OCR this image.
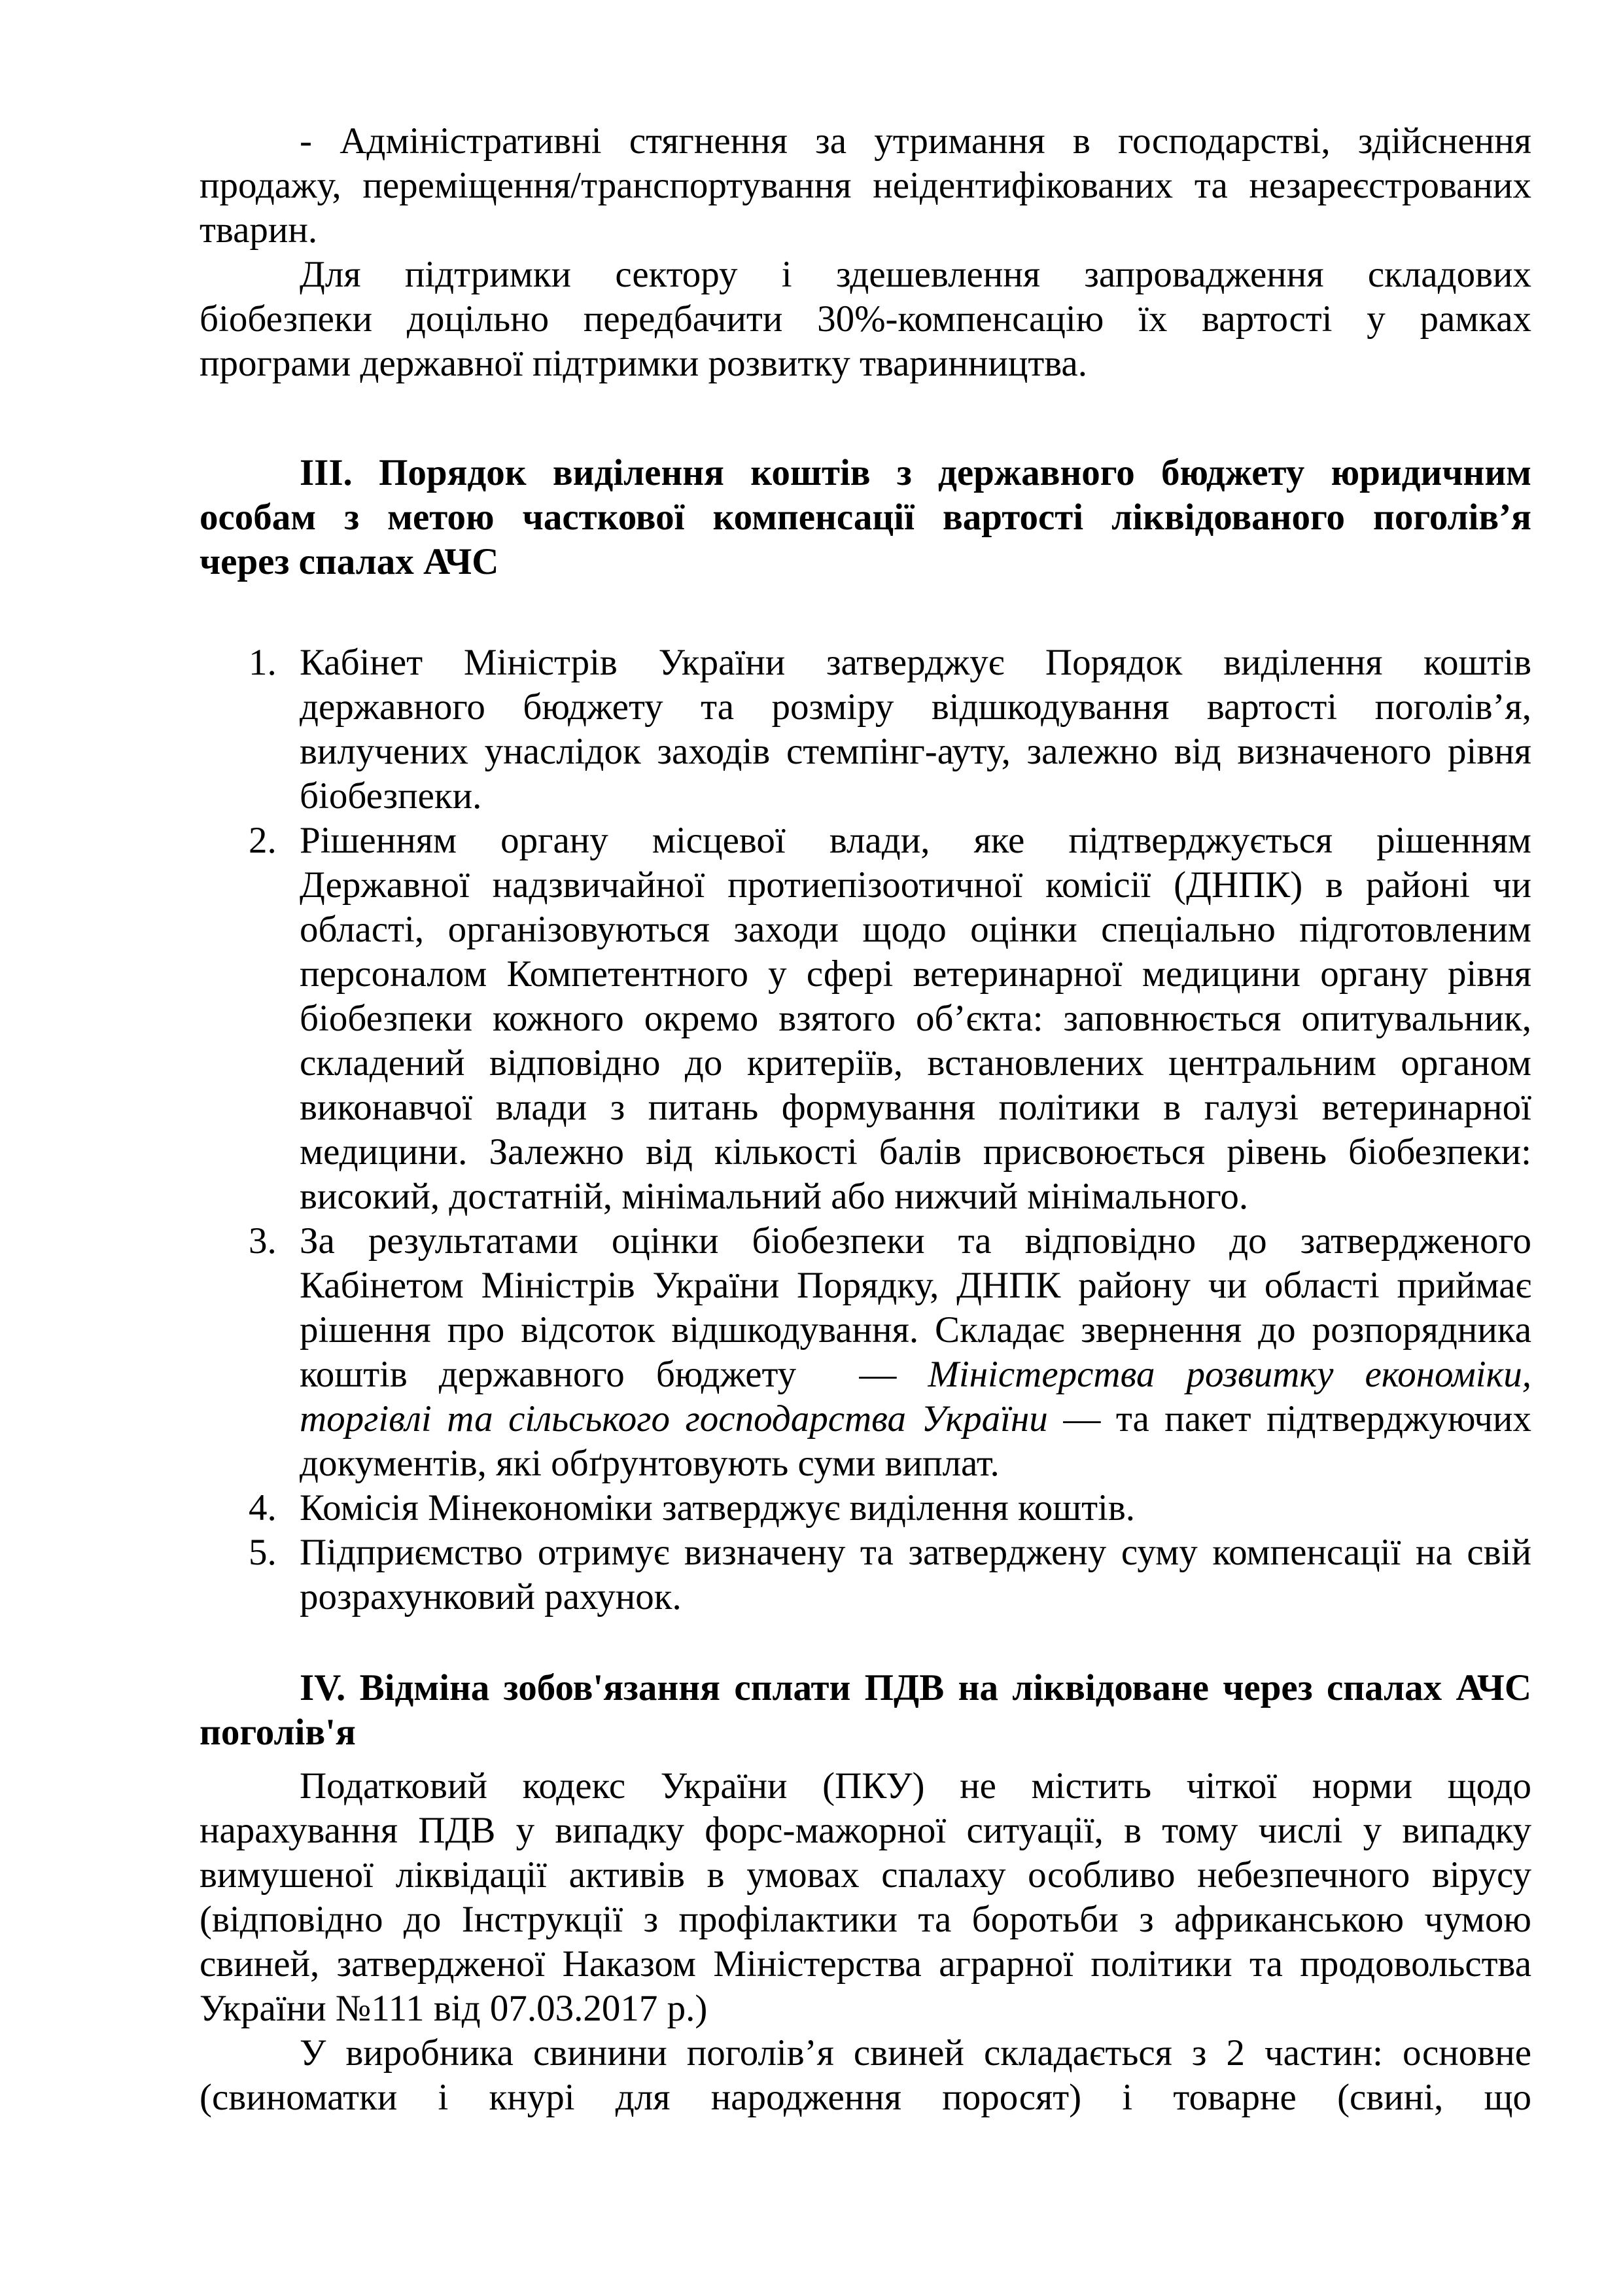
- Адміністративні стягнення за утримання в господарстві, здійснення
продажу, переміщення/транспортування неідентифікованих та незареєстрованих
тварин.
Для підтримки сектору і здешевлення запровадження складових
біобезпеки доцільно передбачити 30%-компенсацію їх вартості у рамках
програми державної підтримки розвитку тваринництва.
III. Порядок виділення коштів з державного бюджету юридичним
особам з метою часткової компенсації вартості ліквідованого поголів’я
через спалах АЧС
1. Кабінет Міністрів України затверджує Порядок виділення коштів
державного бюджету та розміру відшкодування вартості поголів’я,
вилучених унаслідок заходів стемпінг-ауту, залежно від визначеного рівня
біобезпеки.
2. Рішенням органу місцевої влади, яке підтверджується рішенням
Державної надзвичайної протиепізоотичної комісії (ДНПК) в районі чи
області, організовуються заходи щодо оцінки спеціально підготовленим
персоналом Компетентного у сфері ветеринарної медицини органу рівня
біобезпеки кожного окремо взятого об’єкта: заповнюється опитувальник,
складений відповідно до критеріїв, встановлених центральним органом
виконавчої влади з питань формування політики в галузі ветеринарної
медицини. Залежно від кількості балів присвоюється рівень біобезпеки:
високий, достатній, мінімальний або нижчий мінімального.
3. За результатами оцінки біобезпеки та відповідно до затвердженого
Кабінетом Міністрів України Порядку, ДНПК району чи області приймає
рішення про відсоток відшкодування. Складає звернення до розпорядника
коштів державного бюджету  — Міністерства розвитку економіки,
торгівлі та сільського господарства України — та пакет підтверджуючих
документів, які обґрунтовують суми виплат.
4. Комісія Мінекономіки затверджує виділення коштів.
5. Підприємство отримує визначену та затверджену суму компенсації на свій
розрахунковий рахунок.
IV. Відміна зобов'язання сплати ПДВ на ліквідоване через спалах АЧС
поголів'я
Податковий кодекс України (ПКУ) не містить чіткої норми щодо
нарахування ПДВ у випадку форс-мажорної ситуації, в тому числі у випадку
вимушеної ліквідації активів в умовах спалаху особливо небезпечного вірусу
(відповідно до Інструкції з профілактики та боротьби з африканською чумою
свиней, затвердженої Наказом Міністерства аграрної політики та продовольства
України №111 від 07.03.2017 р.)
У виробника свинини поголів’я свиней складається з 2 частин: основне
(свиноматки і кнурі для народження поросят) і товарне (свині, що
